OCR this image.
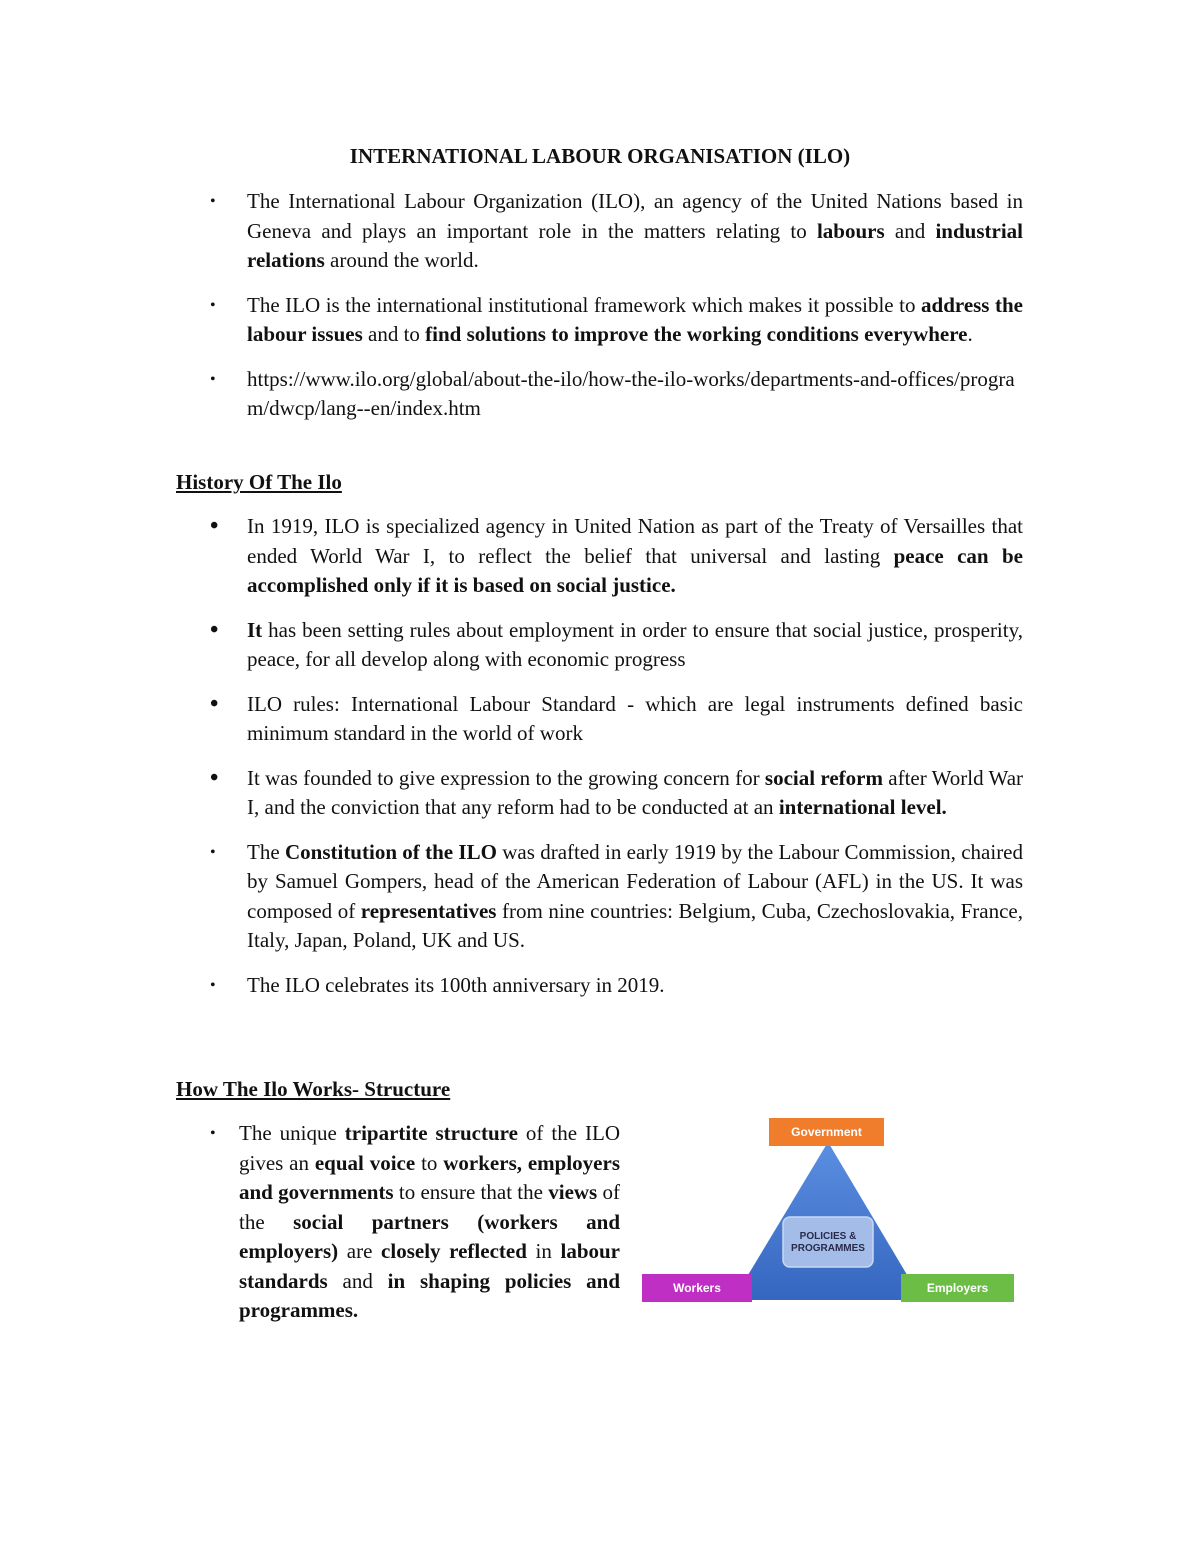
INTERNATIONAL LABOUR ORGANISATION (ILO)
•	The International Labour Organization (ILO), an agency of the United Nations based in Geneva and plays an important role in the matters relating to labours and industrial relations around the world.
•	The ILO is the international institutional framework which makes it possible to address the labour issues and to find solutions to improve the working conditions everywhere.
•	https://www.ilo.org/global/about-the-ilo/how-the-ilo-works/departments-and-offices/program/dwcp/lang--en/index.htm
History Of The Ilo
•	In 1919, ILO is specialized agency in United Nation as part of the Treaty of Versailles that ended World War I, to reflect the belief that universal and lasting peace can be accomplished only if it is based on social justice.
•	It has been setting rules about employment in order to ensure that social justice, prosperity, peace, for all develop along with economic progress
•	ILO rules: International Labour Standard - which are legal instruments defined basic minimum standard in the world of work
•	It was founded to give expression to the growing concern for social reform after World War I, and the conviction that any reform had to be conducted at an international level.
•	The Constitution of the ILO was drafted in early 1919 by the Labour Commission, chaired by Samuel Gompers, head of the American Federation of Labour (AFL) in the US. It was composed of representatives from nine countries: Belgium, Cuba, Czechoslovakia, France, Italy, Japan, Poland, UK and US.
•	The ILO celebrates its 100th anniversary in 2019.
How The Ilo Works- Structure
•	The unique tripartite structure of the ILO gives an equal voice to workers, employers and governments to ensure that the views of the social partners (workers and employers) are closely reflected in labour standards and in shaping policies and programmes.
Government
Workers	Employers
POLICIES &
PROGRAMMES
